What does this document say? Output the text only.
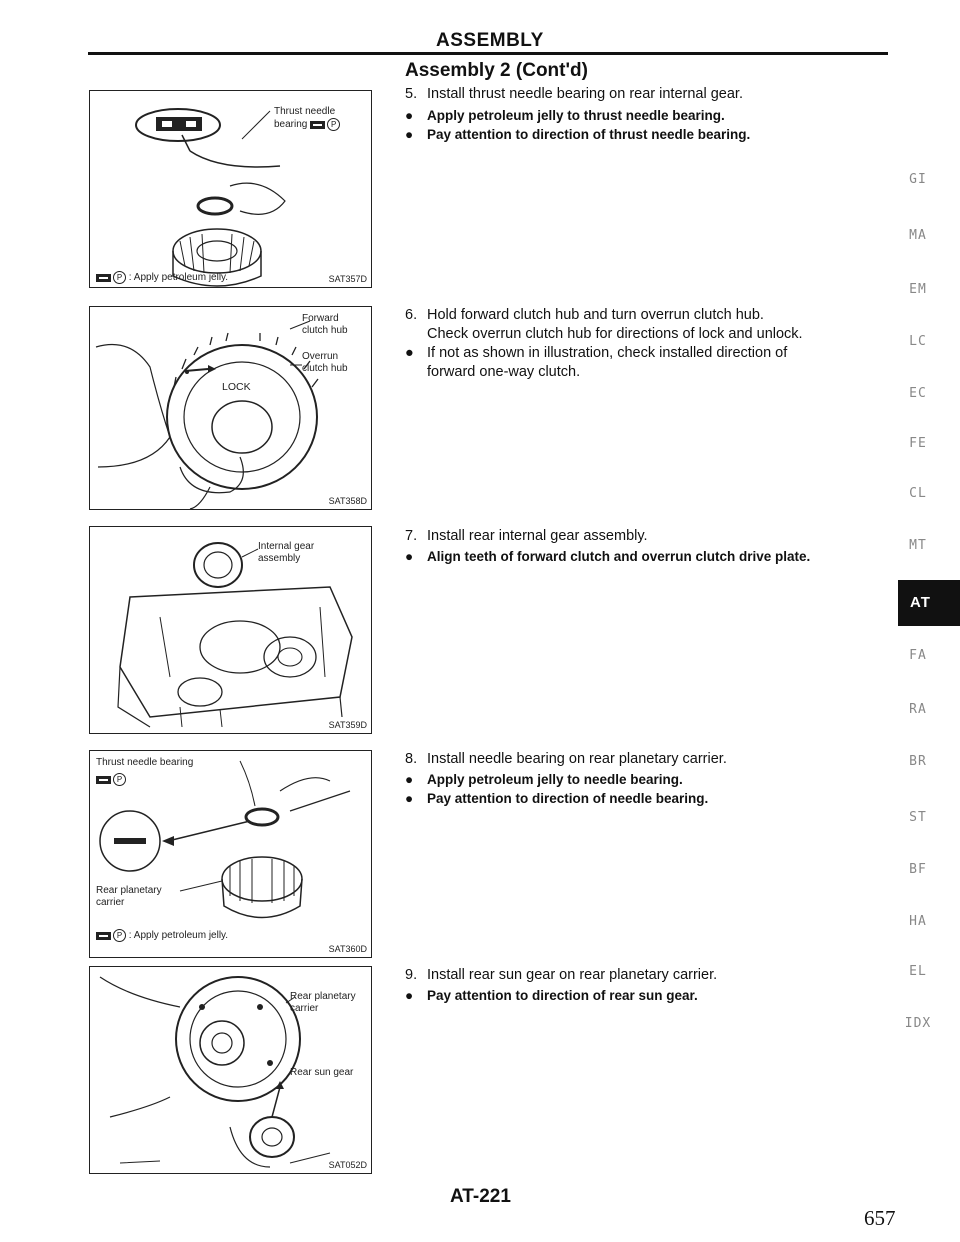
ASSEMBLY
Assembly 2 (Cont'd)
Thrust needle
bearing	P
P : Apply petroleum jelly.	SAT357D
Forward
clutch hub
Overrun
clutch hub
LOCK
SAT358D
Internal gear
assembly
SAT359D
Thrust needle bearing
P
Rear planetary
carrier
P : Apply petroleum jelly.
SAT360D
Rear planetary
carrier
Rear sun gear
SAT052D
5. Install thrust needle bearing on rear internal gear.
● Apply petroleum jelly to thrust needle bearing.
● Pay attention to direction of thrust needle bearing.
6. Hold forward clutch hub and turn overrun clutch hub.
Check overrun clutch hub for directions of lock and unlock.
● If not as shown in illustration, check installed direction of
forward one-way clutch.
7. Install rear internal gear assembly.
● Align teeth of forward clutch and overrun clutch drive plate.
8. Install needle bearing on rear planetary carrier.
● Apply petroleum jelly to needle bearing.
● Pay attention to direction of needle bearing.
9. Install rear sun gear on rear planetary carrier.
● Pay attention to direction of rear sun gear.
GI
MA
EM
LC
EC
FE
CL
MT
AT
FA
RA
BR
ST
BF
HA
EL
IDX
AT-221
657
